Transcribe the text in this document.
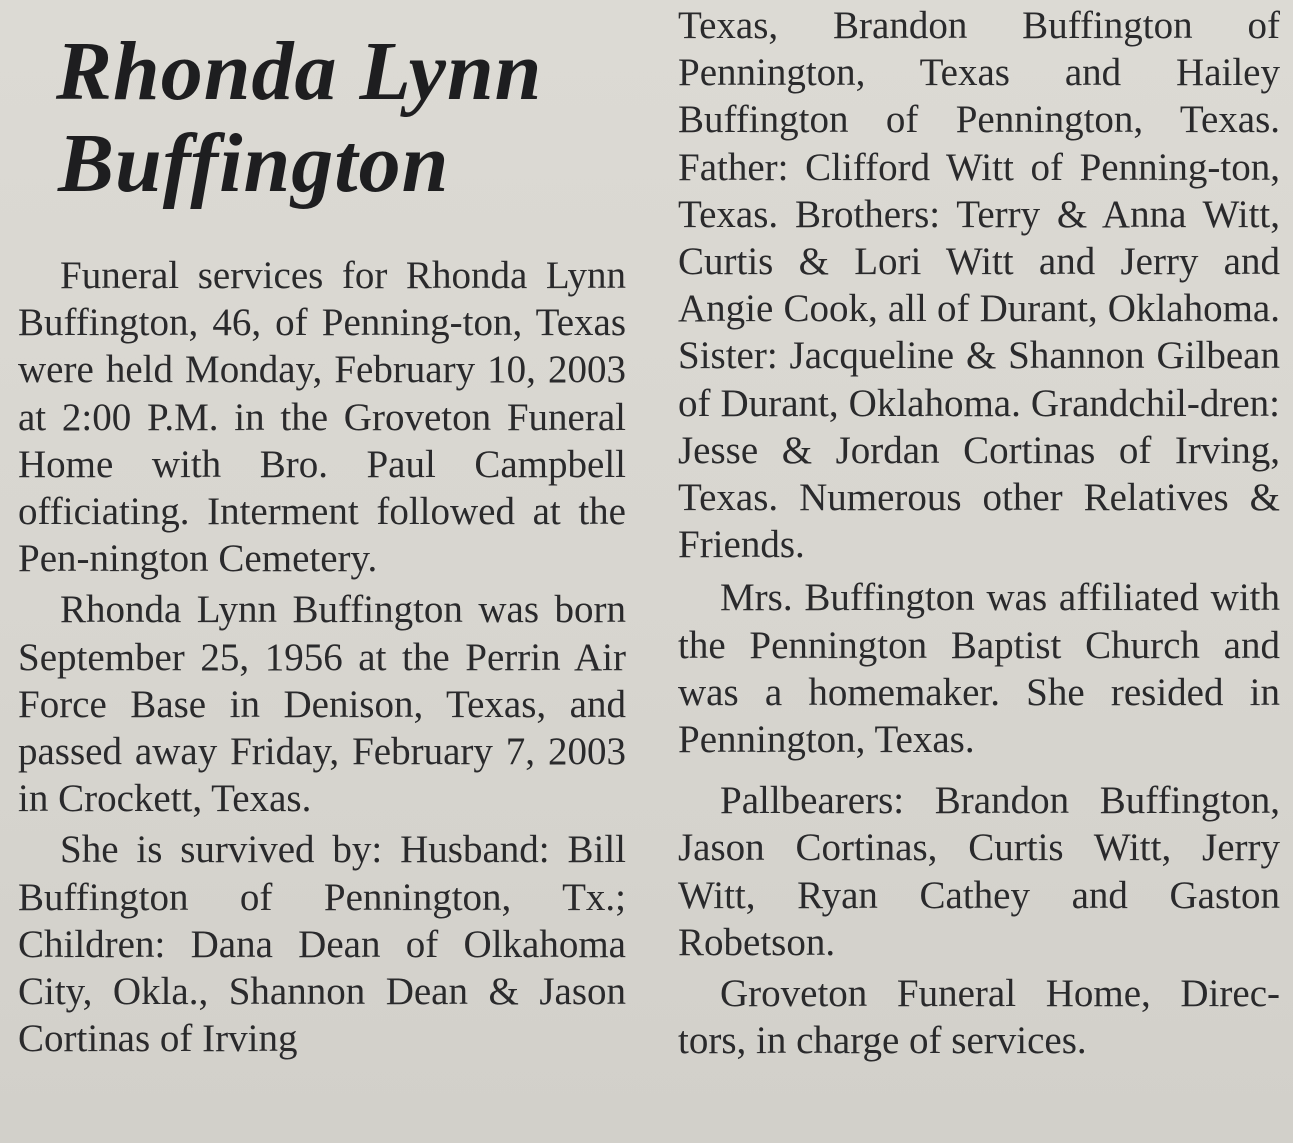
Rhonda Lynn
Buffington

Funeral services for Rhonda Lynn Buffington, 46, of Penning-ton, Texas were held Monday, February 10, 2003 at 2:00 P.M. in the Groveton Funeral Home with Bro. Paul Campbell officiating. Interment followed at the Pen-nington Cemetery.

Rhonda Lynn Buffington was born September 25, 1956 at the Perrin Air Force Base in Denison, Texas, and passed away Friday, February 7, 2003 in Crockett, Texas.

She is survived by: Husband: Bill Buffington of Pennington, Tx.; Children: Dana Dean of Olkahoma City, Okla., Shannon Dean & Jason Cortinas of Irving

Texas, Brandon Buffington of Pennington, Texas and Hailey Buffington of Pennington, Texas. Father: Clifford Witt of Penning-ton, Texas. Brothers: Terry & Anna Witt, Curtis & Lori Witt and Jerry and Angie Cook, all of Durant, Oklahoma. Sister: Jacqueline & Shannon Gilbean of Durant, Oklahoma. Grandchil-dren: Jesse & Jordan Cortinas of Irving, Texas. Numerous other Relatives & Friends.

Mrs. Buffington was affiliated with the Pennington Baptist Church and was a homemaker. She resided in Pennington, Texas.

Pallbearers: Brandon Buffington, Jason Cortinas, Curtis Witt, Jerry Witt, Ryan Cathey and Gaston Robetson.

Groveton Funeral Home, Direc-tors, in charge of services.
